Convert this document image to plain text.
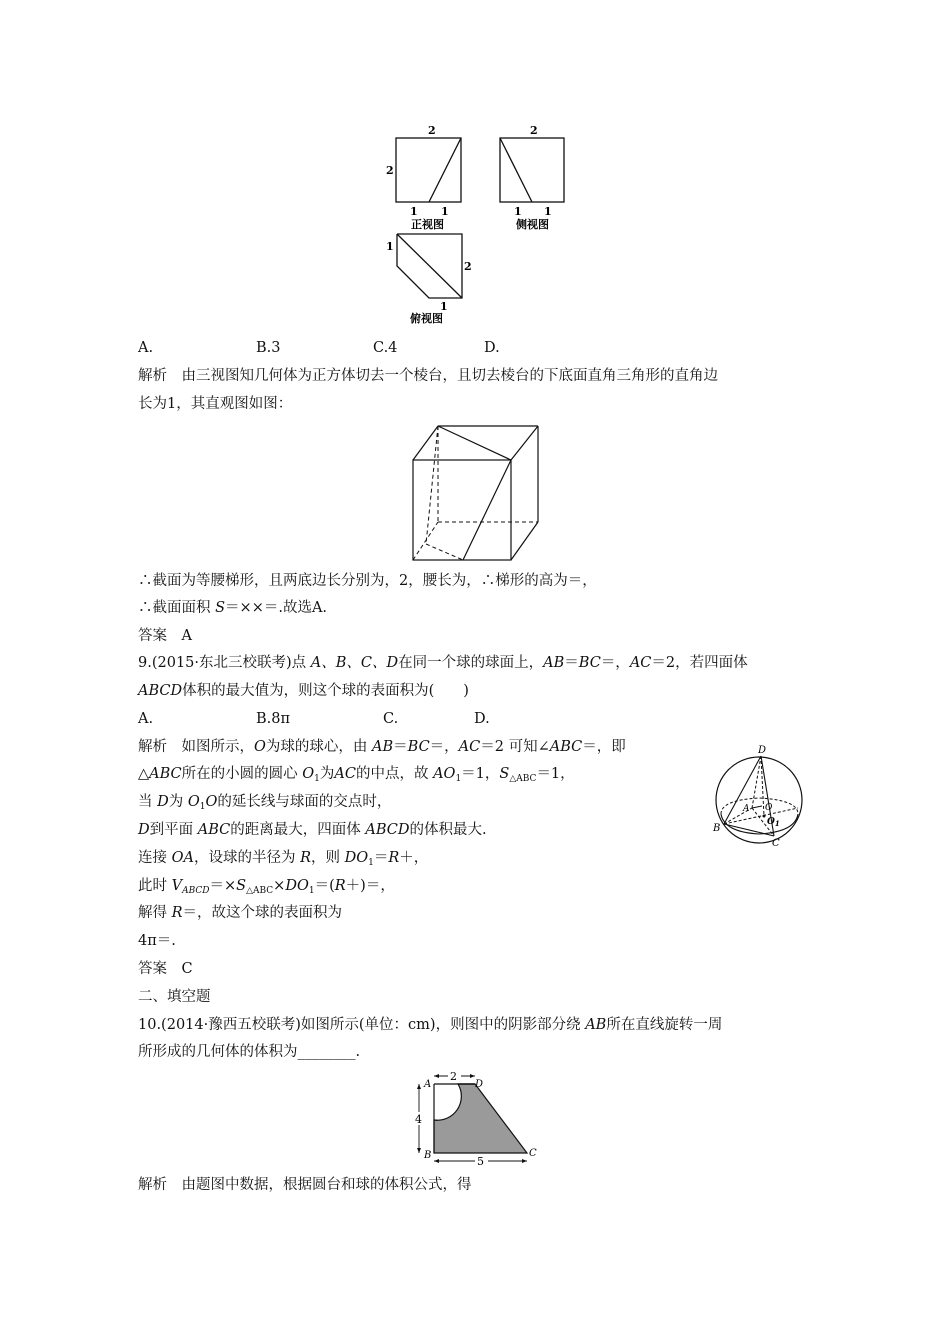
2
2
1 1
正视图
2
1 1
侧视图
1
2
1
俯视图
A.	B.3	C.4	D.
解析  由三视图知几何体为正方体切去一个棱台，且切去棱台的下底面直角三角形的直角边
长为1，其直观图如图：
∴截面为等腰梯形，且两底边长分别为，2，腰长为，∴梯形的高为＝，
∴截面面积 S＝××＝.故选A.
答案　A
9.(2015·东北三校联考)点 A、B、C、D在同一个球的球面上，AB＝BC＝，AC＝2，若四面体
ABCD体积的最大值为，则这个球的表面积为(　　)
A.	B.8π	C.	D.
解析  如图所示，O为球的球心，由 AB＝BC＝，AC＝2 可知∠ABC＝，即
△ABC所在的小圆的圆心 $O_1$为AC的中点，故 $AO_1=1$，$S_{\triangle ABC}=1$，
当 D为 $O_1O$的延长线与球面的交点时，
D到平面 ABC的距离最大，四面体 ABCD的体积最大.
连接 OA，设球的半径为 R，则 $DO_1=R+$，
此时 $V_{ABCD}=\times S_{\triangle ABC}\times DO_1=(R+)=$，
解得 R＝，故这个球的表面积为
4π＝.
答案　C
D
A O
$O_1$
B
C
二、填空题
10.(2014·豫西五校联考)如图所示(单位：cm)，则图中的阴影部分绕 AB所在直线旋转一周
所形成的几何体的体积为________.
2
4
5
A	D
B	C
解析  由题图中数据，根据圆台和球的体积公式，得
